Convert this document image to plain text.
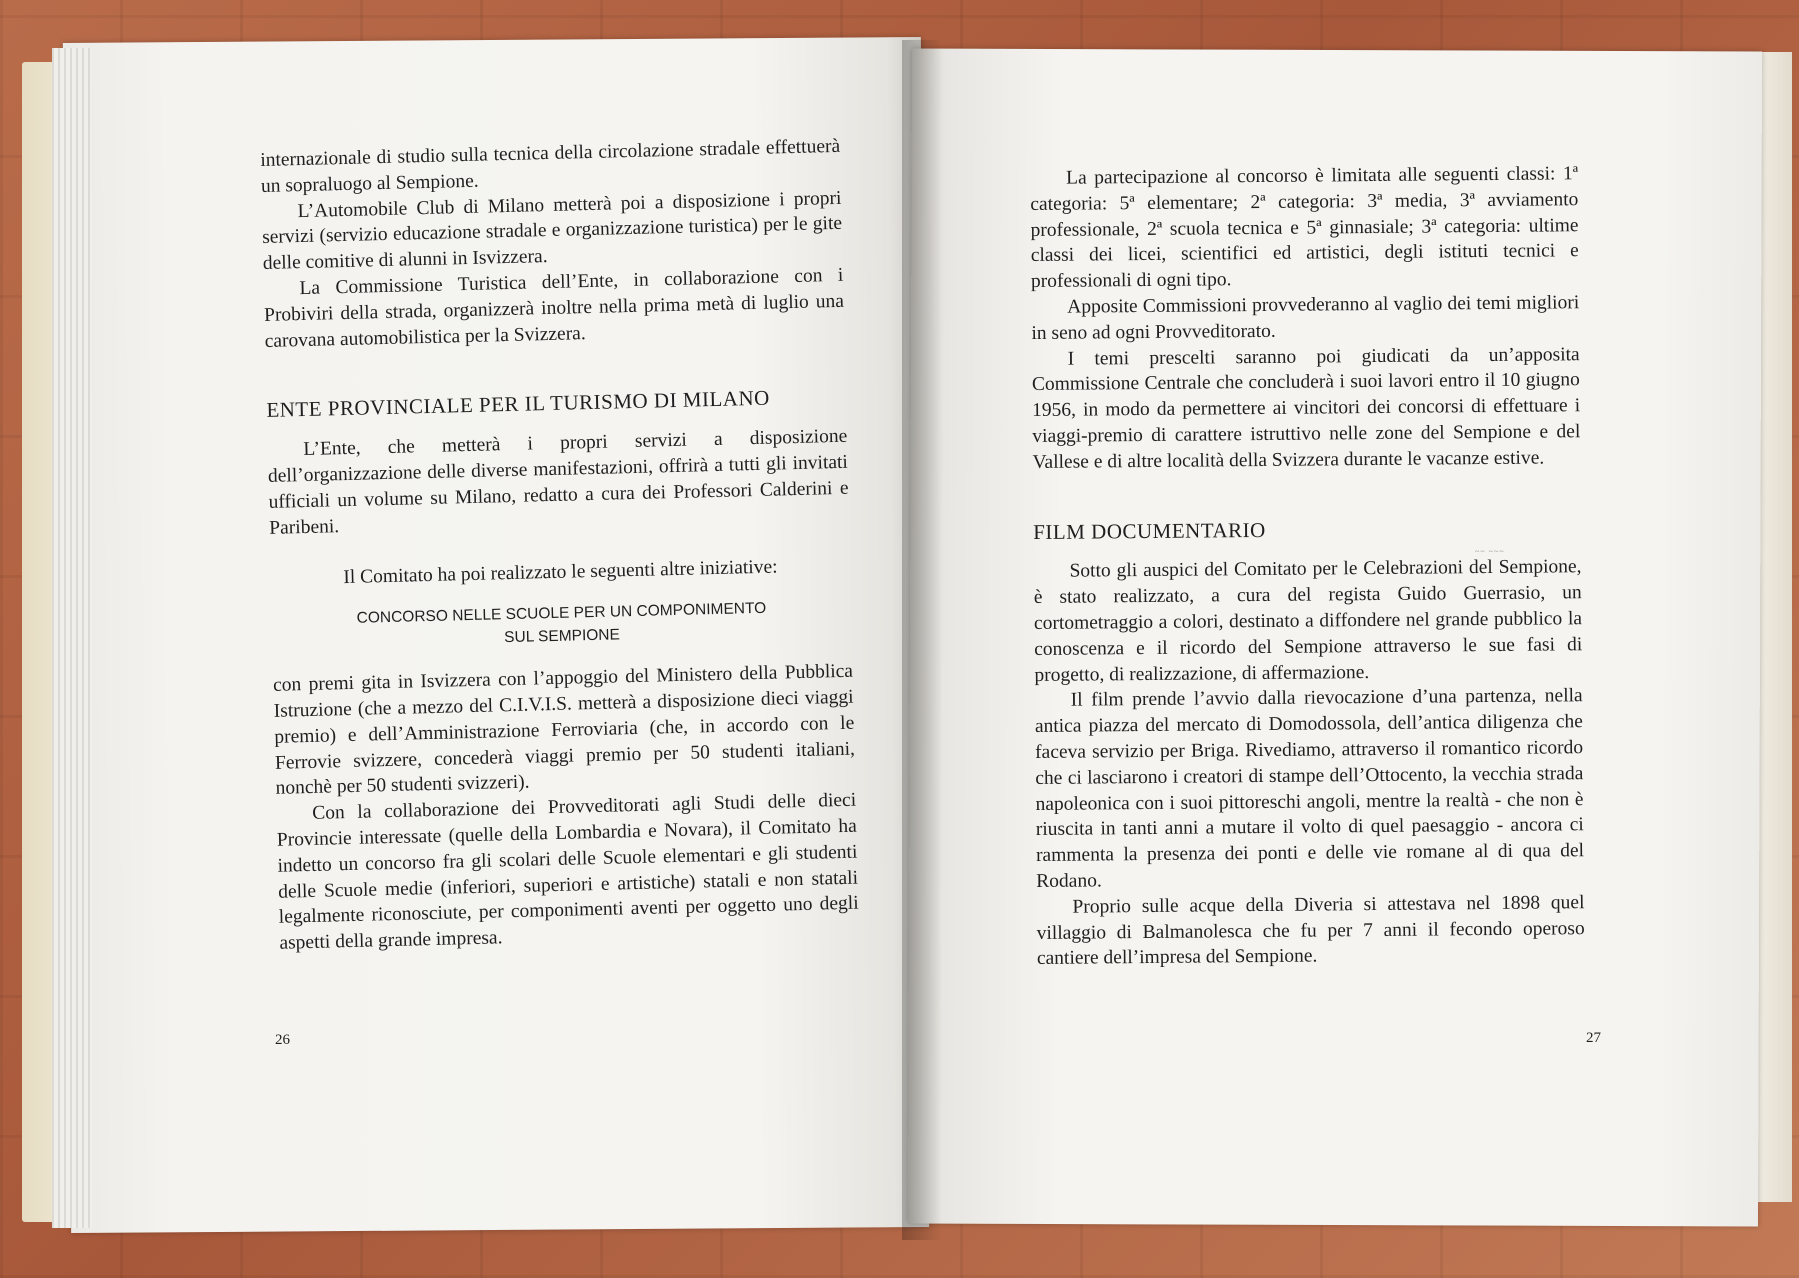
internazionale di studio sulla tecnica della circolazione stradale effettuerà un sopraluogo al Sempione.

L’Automobile Club di Milano metterà poi a disposizione i propri servizi (servizio educazione stradale e organizzazione turistica) per le gite delle comitive di alunni in Isvizzera.

La Commissione Turistica dell’Ente, in collaborazione con i Probiviri della strada, organizzerà inoltre nella prima metà di luglio una carovana automobilistica per la Svizzera.

ENTE PROVINCIALE PER IL TURISMO DI MILANO

L’Ente, che metterà i propri servizi a disposizione dell’organizzazione delle diverse manifestazioni, offrirà a tutti gli invitati ufficiali un volume su Milano, redatto a cura dei Professori Calderini e Paribeni.

Il Comitato ha poi realizzato le seguenti altre iniziative:
CONCORSO NELLE SCUOLE PER UN COMPONIMENTO
SUL SEMPIONE

con premi gita in Isvizzera con l’appoggio del Ministero della Pubblica Istruzione (che a mezzo del C.I.V.I.S. metterà a disposizione dieci viaggi premio) e dell’Amministrazione Ferroviaria (che, in accordo con le Ferrovie svizzere, concederà viaggi premio per 50 studenti italiani, nonchè per 50 studenti svizzeri).

Con la collaborazione dei Provveditorati agli Studi delle dieci Provincie interessate (quelle della Lombardia e Novara), il Comitato ha indetto un concorso fra gli scolari delle Scuole elementari e gli studenti delle Scuole medie (inferiori, superiori e artistiche) statali e non statali legalmente riconosciute, per componimenti aventi per oggetto uno degli aspetti della grande impresa.

26

La partecipazione al concorso è limitata alle seguenti classi: 1ª categoria: 5ª elementare; 2ª categoria: 3ª media, 3ª avviamento professionale, 2ª scuola tecnica e 5ª ginnasiale; 3ª categoria: ultime classi dei licei, scientifici ed artistici, degli istituti tecnici e professionali di ogni tipo.

Apposite Commissioni provvederanno al vaglio dei temi migliori in seno ad ogni Provveditorato.

I temi prescelti saranno poi giudicati da un’apposita Commissione Centrale che concluderà i suoi lavori entro il 10 giugno 1956, in modo da permettere ai vincitori dei concorsi di effettuare i viaggi-premio di carattere istruttivo nelle zone del Sempione e del Vallese e di altre località della Svizzera durante le vacanze estive.

FILM DOCUMENTARIO

Sotto gli auspici del Comitato per le Celebrazioni del Sempione, è stato realizzato, a cura del regista Guido Guerrasio, un cortometraggio a colori, destinato a diffondere nel grande pubblico la conoscenza e il ricordo del Sempione attraverso le sue fasi di progetto, di realizzazione, di affermazione.

Il film prende l’avvio dalla rievocazione d’una partenza, nella antica piazza del mercato di Domodossola, dell’antica diligenza che faceva servizio per Briga. Rivediamo, attraverso il romantico ricordo che ci lasciarono i creatori di stampe dell’Ottocento, la vecchia strada napoleonica con i suoi pittoreschi angoli, mentre la realtà - che non è riuscita in tanti anni a mutare il volto di quel paesaggio - ancora ci rammenta la presenza dei ponti e delle vie romane al di qua del Rodano.

Proprio sulle acque della Diveria si attestava nel 1898 quel villaggio di Balmanolesca che fu per 7 anni il fecondo operoso cantiere dell’impresa del Sempione.

~~ ~~~
27
